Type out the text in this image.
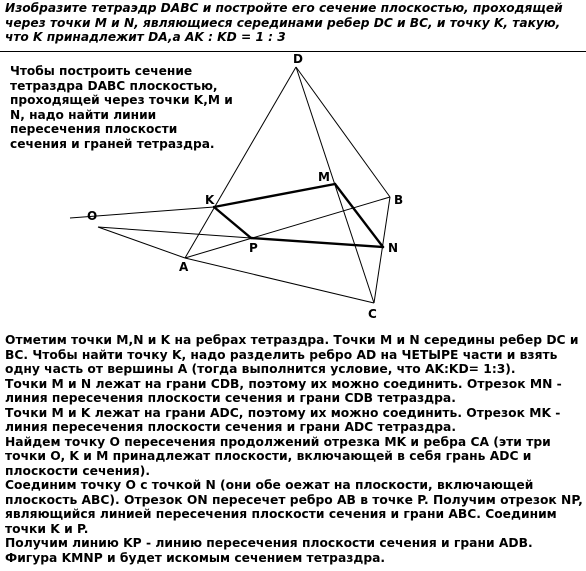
Изобразите тетраэдр DABC и постройте его сечение плоскостью, проходящей через точки M и N, являющиеся серединами ребер DC и BC, и точку K, такую, что K принадлежит DA,а AK : KD = 1 : 3

Чтобы построить сечение тетраздра DABC плоскостью, проходящей через точки K,M и N, надо найти линии пересечения плоскости сечения и граней тетраздра.

D
M
K	B
O
P	N
A
C
Отметим точки M,N и K на ребрах тетраздра. Точки M и N середины ребер DC и BC. Чтобы найти точку K, надо разделить ребро AD на ЧЕТЫРЕ части и взять одну часть от вершины A (тогда выполнится условие, что AK:KD= 1:3).
Точки M и N лежат на грани CDB, поэтому их можно соединить. Отрезок MN - линия пересечения плоскости сечения и грани CDB тетраздра.
Точки M и K лежат на грани ADC, поэтому их можно соединить. Отрезок MK - линия пересечения плоскости сечения и грани ADC тетраздра.
Найдем точку O пересечения продолжений отрезка MK и ребра CA (эти три точки O, K и M принадлежат плоскости, включающей в себя грань ADC и плоскости сечения).
Соединим точку O с точкой N (они обе оежат на плоскости, включающей плоскость ABC). Отрезок ON пересечет ребро AB в точке P. Получим отрезок NP, являющийся линией пересечения плоскости сечения и грани ABC. Соединим точки K и P.
Получим линию KP - линию пересечения плоскости сечения и грани ADB.
Фигура KMNP и будет искомым сечением тетраздра.
